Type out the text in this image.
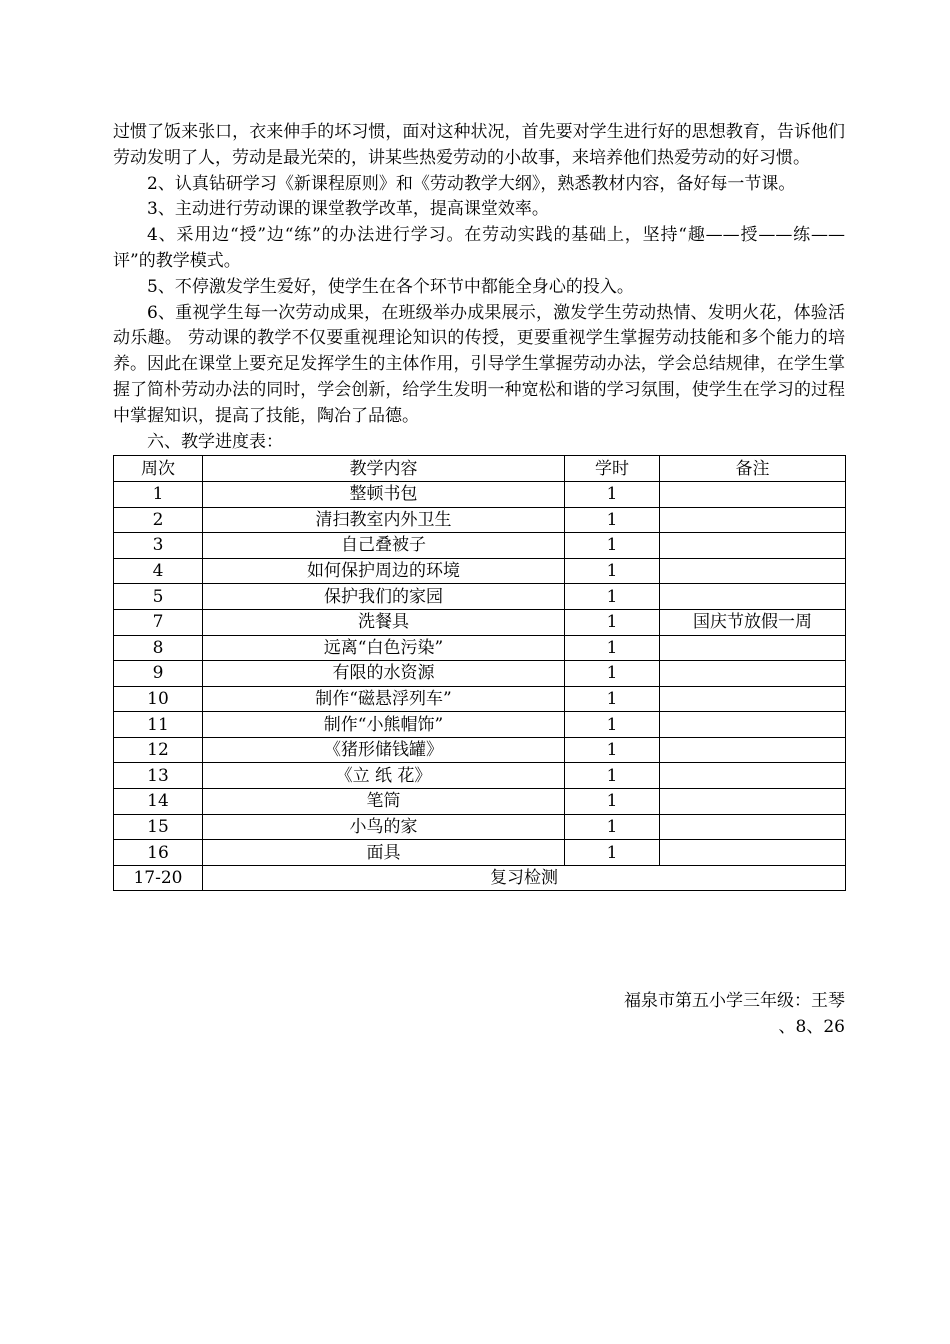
过惯了饭来张口，衣来伸手的坏习惯，面对这种状况，首先要对学生进行好的思想教育，告诉他们劳动发明了人，劳动是最光荣的，讲某些热爱劳动的小故事，来培养他们热爱劳动的好习惯。

2、认真钻研学习《新课程原则》和《劳动教学大纲》，熟悉教材内容，备好每一节课。

3、主动进行劳动课的课堂教学改革，提高课堂效率。

4、采用边“授”边“练”的办法进行学习。在劳动实践的基础上，坚持“趣——授——练——评”的教学模式。

5、不停激发学生爱好，使学生在各个环节中都能全身心的投入。

6、重视学生每一次劳动成果，在班级举办成果展示，激发学生劳动热情、发明火花，体验活动乐趣。 劳动课的教学不仅要重视理论知识的传授，更要重视学生掌握劳动技能和多个能力的培养。因此在课堂上要充足发挥学生的主体作用，引导学生掌握劳动办法，学会总结规律，在学生掌握了简朴劳动办法的同时，学会创新，给学生发明一种宽松和谐的学习氛围，使学生在学习的过程中掌握知识，提高了技能，陶冶了品德。

六、教学进度表：

周次	教学内容	学时	备注
1	整顿书包	1	
2	清扫教室内外卫生	1	
3	自己叠被子	1	
4	如何保护周边的环境	1	
5	保护我们的家园	1	
7	洗餐具	1	国庆节放假一周
8	远离“白色污染”	1	
9	有限的水资源	1	
10	制作“磁悬浮列车”	1	
11	制作“小熊帽饰”	1	
12	《猪形储钱罐》	1	
13	《立 纸 花》	1	
14	笔筒	1	
15	小鸟的家	1	
16	面具	1	
17-20	复习检测		
福泉市第五小学三年级：王琴
、8、26
